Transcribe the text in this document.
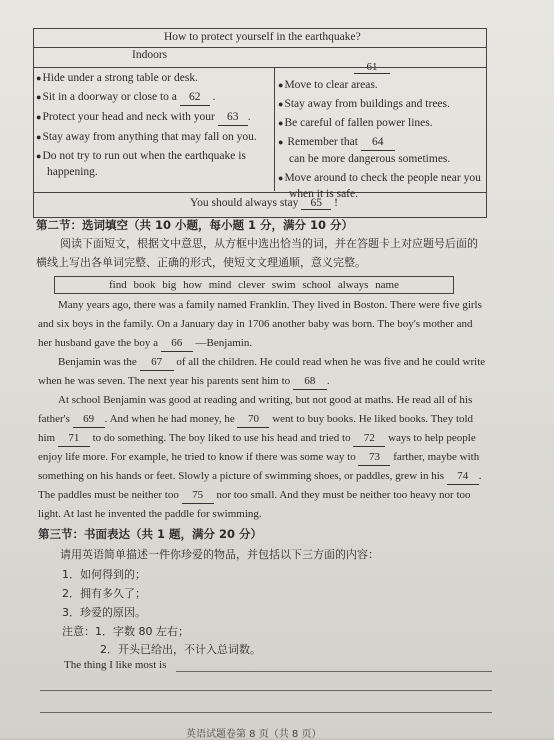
How to protect yourself in the earthquake?
Indoors
61
●Hide under a strong table or desk.
●Sit in a doorway or close to a 62 .
●Protect your head and neck with your 63 .
●Stay away from anything that may fall on you.
●Do not try to run out when the earthquake is happening.
●Move to clear areas.
●Stay away from buildings and trees.
●Be careful of fallen power lines.
● Remember that 64
can be more dangerous sometimes.
●Move around to check the people near you when it is safe.
You should always stay 65 !
第二节：选词填空（共 10 小题，每小题 1 分，满分 10 分）
阅读下面短文，根据文中意思，从方框中选出恰当的词，并在答题卡上对应题号后面的
横线上写出各单词完整、正确的形式，使短文文理通顺，意义完整。
find book big how mind clever swim school always name
Many years ago, there was a family named Franklin. They lived in Boston. There were five girls
and six boys in the family. On a January day in 1706 another baby was born. The boy's mother and
her husband gave the boy a 66 —Benjamin.
Benjamin was the 67 of all the children. He could read when he was five and he could write
when he was seven. The next year his parents sent him to 68 .
At school Benjamin was good at reading and writing, but not good at maths. He read all of his
father's 69 . And when he had money, he 70 went to buy books. He liked books. They told
him 71 to do something. The boy liked to use his head and tried to 72 ways to help people
enjoy life more. For example, he tried to know if there was some way to 73 farther, maybe with
something on his hands or feet. Slowly a picture of swimming shoes, or paddles, grew in his 74 .
The paddles must be neither too 75 nor too small. And they must be neither too heavy nor too
light. At last he invented the paddle for swimming.
第三节：书面表达（共 1 题，满分 20 分）
请用英语简单描述一件你珍爱的物品，并包括以下三方面的内容：
1．如何得到的；
2．拥有多久了；
3．珍爱的原因。
注意：1．字数 80 左右；
2．开头已给出，不计入总词数。
The thing I like most is
英语试题卷第 8 页（共 8 页）
